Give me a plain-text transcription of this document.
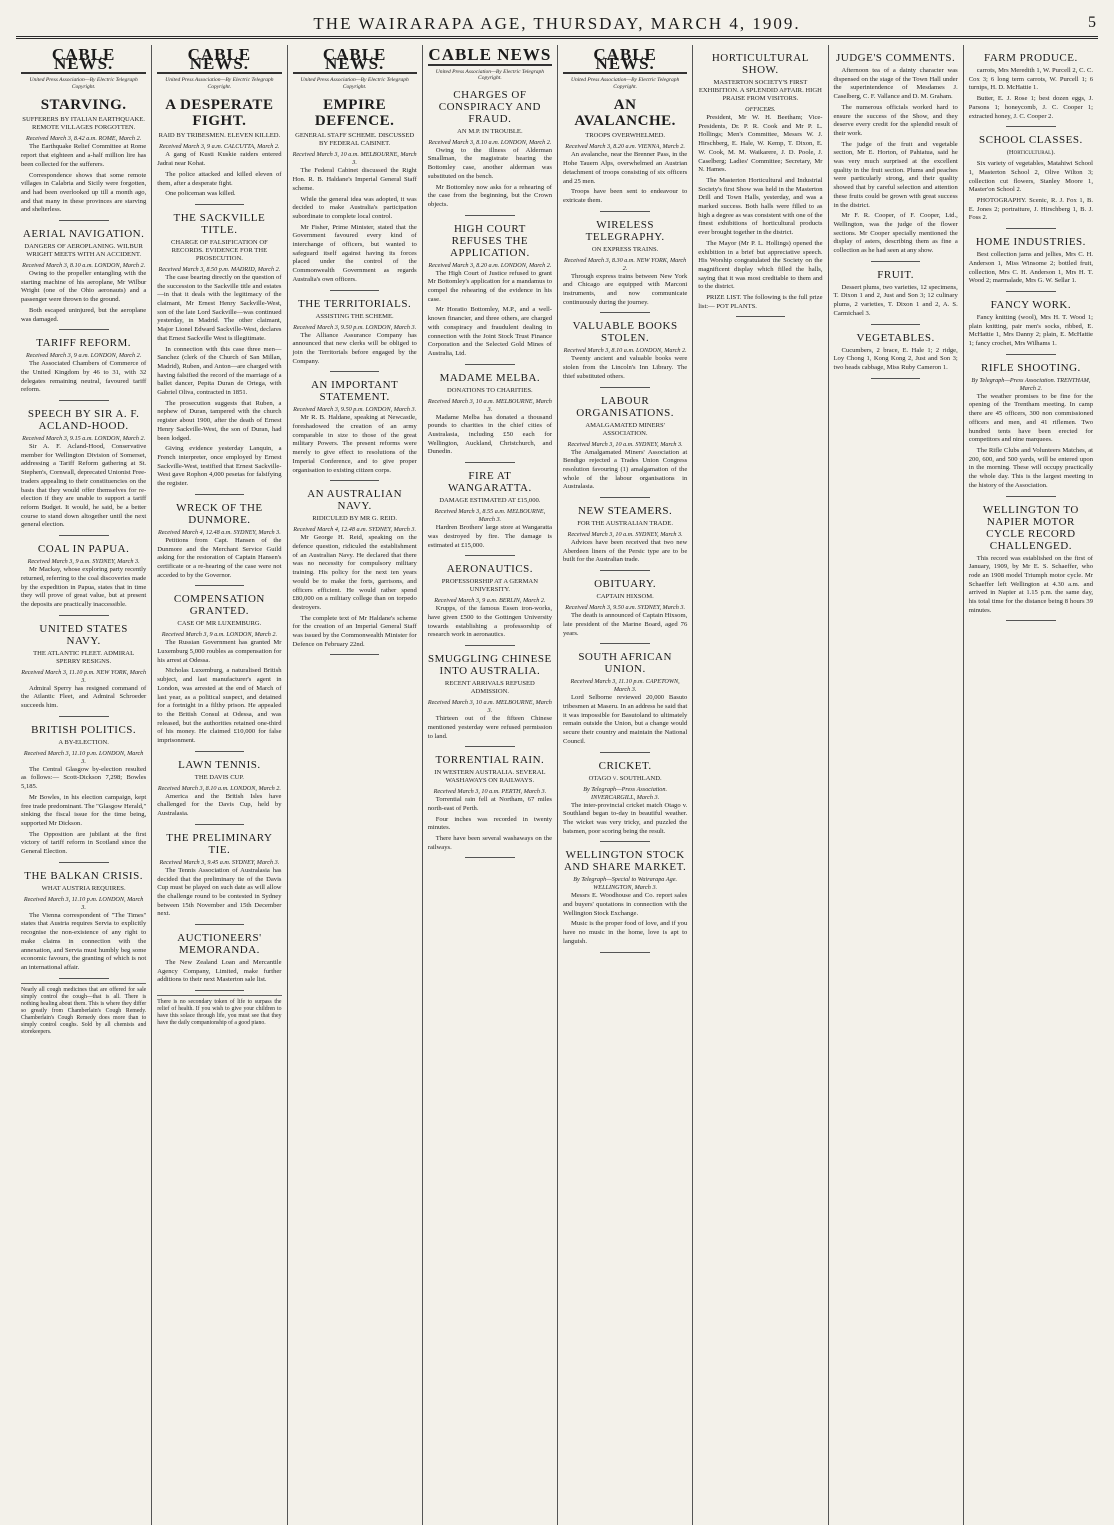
THE WAIRARAPA AGE, THURSDAY, MARCH 4, 1909.	5
CABLE NEWS.
United Press Association—By Electric Telegraph Copyright.
STARVING.
SUFFERERS BY ITALIAN EARTHQUAKE. REMOTE VILLAGES FORGOTTEN.
Received March 3, 8.42 a.m. ROME, March 2.

The Earthquake Relief Committee at Rome report that eighteen and a-half million lire has been collected for the sufferers.

Correspondence shows that some remote villages in Calabria and Sicily were forgotten, and had been overlooked up till a month ago, and that many in these provinces are starving and shelterless.

AERIAL NAVIGATION.
DANGERS OF AEROPLANING. WILBUR WRIGHT MEETS WITH AN ACCIDENT.
Received March 3, 8.10 a.m. LONDON, March 2.

Owing to the propeller entangling with the starting machine of his aeroplane, Mr Wilbur Wright (one of the Ohio aeronauts) and a passenger were thrown to the ground.

Both escaped uninjured, but the aeroplane was damaged.

TARIFF REFORM.
Received March 3, 9 a.m. LONDON, March 2.

The Associated Chambers of Commerce of the United Kingdom by 46 to 31, with 32 delegates remaining neutral, favoured tariff reform.

SPEECH BY SIR A. F. ACLAND-HOOD.
Received March 3, 9.15 a.m. LONDON, March 2.

Sir A. F. Acland-Hood, Conservative member for Wellington Division of Somerset, addressing a Tariff Reform gathering at St. Stephen's, Cornwall, deprecated Unionist Free-traders appealing to their constituencies on the basis that they would offer themselves for re-election if they are unable to support a tariff reform Budget. It would, he said, be a better course to stand down altogether until the next general election.

COAL IN PAPUA.
Received March 3, 9 a.m. SYDNEY, March 3.

Mr Mackay, whose exploring party recently returned, referring to the coal discoveries made by the expedition in Papua, states that in time they will prove of great value, but at present the deposits are practically inaccessible.

UNITED STATES NAVY.
THE ATLANTIC FLEET. ADMIRAL SPERRY RESIGNS.
Received March 3, 11.10 p.m. NEW YORK, March 3.

Admiral Sperry has resigned command of the Atlantic Fleet, and Admiral Schroeder succeeds him.

BRITISH POLITICS.
A BY-ELECTION.
Received March 3, 11.10 p.m. LONDON, March 3.

The Central Glasgow by-election resulted as follows:— Scott-Dickson 7,298; Bowles 5,185.

Mr Bowles, in his election campaign, kept free trade predominant. The "Glasgow Herald," sinking the fiscal issue for the time being, supported Mr Dickson.

The Opposition are jubilant at the first victory of tariff reform in Scotland since the General Election.

THE BALKAN CRISIS.
WHAT AUSTRIA REQUIRES.
Received March 3, 11.10 p.m. LONDON, March 3.

The Vienna correspondent of "The Times" states that Austria requires Servia to explicitly recognise the non-existence of any right to make claims in connection with the annexation, and Servia must humbly beg some economic favours, the granting of which is not an international affair.

Nearly all cough medicines that are offered for sale simply control the cough—that is all. There is nothing healing about them. This is where they differ so greatly from Chamberlain's Cough Remedy. Chamberlain's Cough Remedy does more than to simply control coughs. Sold by all chemists and storekeepers.
CABLE NEWS.
United Press Association—By Electric Telegraph Copyright.
A DESPERATE FIGHT.
RAID BY TRIBESMEN. ELEVEN KILLED.
Received March 3, 9 a.m. CALCUTTA, March 2.

A gang of Kusti Kuskie raiders entered Jadrai near Kohat.

The police attacked and killed eleven of them, after a desperate fight.

One policeman was killed.

THE SACKVILLE TITLE.
CHARGE OF FALSIFICATION OF RECORDS. EVIDENCE FOR THE PROSECUTION.
Received March 3, 8.50 p.m. MADRID, March 2.

The case bearing directly on the question of the succession to the Sackville title and estates—in that it deals with the legitimacy of the claimant, Mr Ernest Henry Sackville-West, son of the late Lord Sackville—was continued yesterday, in Madrid. The other claimant, Major Lionel Edward Sackville-West, declares that Ernest Sackville West is illegitimate.

In connection with this case three men—Sanchez (clerk of the Church of San Millan, Madrid), Ruben, and Anton—are charged with having falsified the record of the marriage of a ballet dancer, Pepita Duran de Ortega, with Gabriel Oliva, contracted in 1851.

The prosecution suggests that Ruben, a nephew of Duran, tampered with the church register about 1900, after the death of Ernest Henry Sackville-West, the son of Duran, had been lodged.

Giving evidence yesterday Lanquin, a French interpreter, once employed by Ernest Sackville-West, testified that Ernest Sackville-West gave Rophon 4,000 pesetas for falsifying the register.

WRECK OF THE DUNMORE.
Received March 4, 12.48 a.m. SYDNEY, March 3.

Petitions from Capt. Hansen of the Dunmore and the Merchant Service Guild asking for the restoration of Captain Hansen's certificate or a re-hearing of the case were not acceded to by the Governor.

COMPENSATION GRANTED.
CASE OF MR LUXEMBURG.
Received March 3, 9 a.m. LONDON, March 2.

The Russian Government has granted Mr Luxemburg 5,000 roubles as compensation for his arrest at Odessa.

Nicholas Luxemburg, a naturalised British subject, and last manufacturer's agent in London, was arrested at the end of March of last year, as a political suspect, and detained for a fortnight in a filthy prison. He appealed to the British Consul at Odessa, and was released, but the authorities retained one-third of his money. He claimed £10,000 for false imprisonment.

LAWN TENNIS.
THE DAVIS CUP.
Received March 3, 8.10 a.m. LONDON, March 2.

America and the British Isles have challenged for the Davis Cup, held by Australasia.

THE PRELIMINARY TIE.
Received March 3, 9.45 a.m. SYDNEY, March 3.

The Tennis Association of Australasia has decided that the preliminary tie of the Davis Cup must be played on such date as will allow the challenge round to be contested in Sydney between 15th November and 15th December next.

AUCTIONEERS' MEMORANDA.

The New Zealand Loan and Mercantile Agency Company, Limited, make further additions to their next Masterton sale list.

There is no secondary token of life to surpass the relief of health. If you wish to give your children to have this solace through life, you must see that they have the daily companionship of a good piano.
CABLE NEWS.
United Press Association—By Electric Telegraph Copyright.
EMPIRE DEFENCE.
GENERAL STAFF SCHEME. DISCUSSED BY FEDERAL CABINET.
Received March 3, 10 a.m. MELBOURNE, March 3.

The Federal Cabinet discussed the Right Hon. R. B. Haldane's Imperial General Staff scheme.

While the general idea was adopted, it was decided to make Australia's participation subordinate to complete local control.

Mr Fisher, Prime Minister, stated that the Government favoured every kind of interchange of officers, but wanted to safeguard itself against having its forces placed under the control of the Commonwealth Government as regards Australia's own officers.

THE TERRITORIALS.
ASSISTING THE SCHEME.
Received March 3, 9.50 p.m. LONDON, March 3.

The Alliance Assurance Company has announced that new clerks will be obliged to join the Territorials before engaged by the Company.

AN IMPORTANT STATEMENT.
Received March 3, 9.50 p.m. LONDON, March 3.

Mr R. B. Haldane, speaking at Newcastle, foreshadowed the creation of an army comparable in size to those of the great military Powers. The present reforms were merely to give effect to resolutions of the Imperial Conference, and to give proper organisation to existing citizen corps.

AN AUSTRALIAN NAVY.
RIDICULED BY MR G. REID.
Received March 4, 12.48 a.m. SYDNEY, March 3.

Mr George H. Reid, speaking on the defence question, ridiculed the establishment of an Australian Navy. He declared that there was no necessity for compulsory military training. His policy for the next ten years would be to make the forts, garrisons, and officers efficient. He would rather spend £80,000 on a military college than on torpedo destroyers.

The complete text of Mr Haldane's scheme for the creation of an Imperial General Staff was issued by the Commonwealth Minister for Defence on February 22nd.

CABLE NEWS
United Press Association—By Electric Telegraph Copyright.
CHARGES OF CONSPIRACY AND FRAUD.
AN M.P. IN TROUBLE.
Received March 3, 8.10 a.m. LONDON, March 2.

Owing to the illness of Alderman Smallman, the magistrate hearing the Bottomley case, another alderman was substituted on the bench.

Mr Bottomley now asks for a rehearing of the case from the beginning, but the Crown objects.

HIGH COURT REFUSES THE APPLICATION.
Received March 3, 8.20 a.m. LONDON, March 2.

The High Court of Justice refused to grant Mr Bottomley's application for a mandamus to compel the rehearing of the evidence in his case.

Mr Horatio Bottomley, M.P., and a well-known financier, and three others, are charged with conspiracy and fraudulent dealing in connection with the Joint Stock Trust Finance Corporation and the Selected Gold Mines of Australia, Ltd.

MADAME MELBA.
DONATIONS TO CHARITIES.
Received March 3, 10 a.m. MELBOURNE, March 3.

Madame Melba has donated a thousand pounds to charities in the chief cities of Australasia, including £50 each for Wellington, Auckland, Christchurch, and Dunedin.

FIRE AT WANGARATTA.
DAMAGE ESTIMATED AT £15,000.
Received March 3, 8.55 a.m. MELBOURNE, March 3.

Hardren Brothers' large store at Wangaratta was destroyed by fire. The damage is estimated at £15,000.

AERONAUTICS.
PROFESSORSHIP AT A GERMAN UNIVERSITY.
Received March 3, 9 a.m. BERLIN, March 2.

Krupps, of the famous Essen iron-works, have given £500 to the Gottingen University towards establishing a professorship of research work in aeronautics.

SMUGGLING CHINESE INTO AUSTRALIA.
RECENT ARRIVALS REFUSED ADMISSION.
Received March 3, 10 a.m. MELBOURNE, March 3.

Thirteen out of the fifteen Chinese mentioned yesterday were refused permission to land.

TORRENTIAL RAIN.
IN WESTERN AUSTRALIA. SEVERAL WASHAWAYS ON RAILWAYS.
Received March 3, 10 a.m. PERTH, March 3.

Torrential rain fell at Northam, 67 miles north-east of Perth.

Four inches was recorded in twenty minutes.

There have been several washaways on the railways.

CABLE NEWS.
United Press Association—By Electric Telegraph Copyright.
AN AVALANCHE.
TROOPS OVERWHELMED.
Received March 3, 8.20 a.m. VIENNA, March 2.

An avalanche, near the Brenner Pass, in the Hohe Tauern Alps, overwhelmed an Austrian detachment of troops consisting of six officers and 25 men.

Troops have been sent to endeavour to extricate them.

WIRELESS TELEGRAPHY.
ON EXPRESS TRAINS.
Received March 3, 8.30 a.m. NEW YORK, March 2.

Through express trains between New York and Chicago are equipped with Marconi instruments, and now communicate continuously during the journey.

VALUABLE BOOKS STOLEN.
Received March 3, 8.10 a.m. LONDON, March 2.

Twenty ancient and valuable books were stolen from the Lincoln's Inn Library. The thief substituted others.

LABOUR ORGANISATIONS.
AMALGAMATED MINERS' ASSOCIATION.
Received March 3, 10 a.m. SYDNEY, March 3.

The Amalgamated Miners' Association at Bendigo rejected a Trades Union Congress resolution favouring (1) amalgamation of the whole of the labour organisations in Australasia.

NEW STEAMERS.
FOR THE AUSTRALIAN TRADE.
Received March 3, 10 a.m. SYDNEY, March 3.

Advices have been received that two new Aberdeen liners of the Persic type are to be built for the Australian trade.

OBITUARY.
CAPTAIN HIXSOM.
Received March 3, 9.50 a.m. SYDNEY, March 3.

The death is announced of Captain Hixsom, late president of the Marine Board, aged 76 years.

SOUTH AFRICAN UNION.
Received March 3, 11.10 p.m. CAPETOWN, March 3.

Lord Selborne reviewed 20,000 Basuto tribesmen at Maseru. In an address he said that it was impossible for Basutoland to ultimately remain outside the Union, but a change would secure their country and maintain the National Council.

CRICKET.
OTAGO v. SOUTHLAND.
By Telegraph—Press Association. INVERCARGILL, March 3.

The inter-provincial cricket match Otago v. Southland began to-day in beautiful weather. The wicket was very tricky, and puzzled the batsmen, poor scoring being the result.

WELLINGTON STOCK AND SHARE MARKET.
By Telegraph—Special to Wairarapa Age. WELLINGTON, March 3.

Messrs E. Woodhouse and Co. report sales and buyers' quotations in connection with the Wellington Stock Exchange.

Music is the proper food of love, and if you have no music in the home, love is apt to languish.

HORTICULTURAL SHOW.
MASTERTON SOCIETY'S FIRST EXHIBITION. A SPLENDID AFFAIR. HIGH PRAISE FROM VISITORS.
OFFICERS.

President, Mr W. H. Beetham; Vice-Presidents, Dr. P. R. Cook and Mr P. L. Hollings; Men's Committee, Messrs W. J. Hirschberg, E. Hale, W. Kemp, T. Dixon, E. W. Cook, M. M. Waikarere, J. D. Poole, J. Caselberg; Ladies' Committee; Secretary, Mr N. Hames.

The Masterton Horticultural and Industrial Society's first Show was held in the Masterton Drill and Town Halls, yesterday, and was a marked success. Both halls were filled to as high a degree as was consistent with one of the finest exhibitions of horticultural products ever brought together in the district.

The Mayor (Mr P. L. Hollings) opened the exhibition in a brief but appreciative speech. His Worship congratulated the Society on the magnificent display which filled the halls, saying that it was most creditable to them and to the district.

PRIZE LIST. The following is the full prize list:— POT PLANTS.

JUDGE'S COMMENTS.

Afternoon tea of a dainty character was dispensed on the stage of the Town Hall under the superintendence of Mesdames J. Caselberg, C. F. Vallance and D. M. Graham.

The numerous officials worked hard to ensure the success of the Show, and they deserve every credit for the splendid result of their work.

The judge of the fruit and vegetable section, Mr E. Horton, of Pahiatua, said he was very much surprised at the excellent quality in the fruit section. Plums and peaches were particularly strong, and their quality showed that by careful selection and attention these fruits could be grown with great success in the district.

Mr F. R. Cooper, of F. Cooper, Ltd., Wellington, was the judge of the flower sections. Mr Cooper specially mentioned the display of asters, describing them as fine a collection as he had seen at any show.

FRUIT.

Dessert plums, two varieties, 12 specimens, T. Dixon 1 and 2, Just and Son 3; 12 culinary plums, 2 varieties, T. Dixon 1 and 2, A. S. Carmichael 3.

VEGETABLES.

Cucumbers, 2 brace, E. Hale 1; 2 ridge, Loy Chong 1, Kong Kong 2, Just and Son 3; two heads cabbage, Miss Ruby Cameron 1.

FARM PRODUCE.

carrots, Mrs Meredith 1, W. Purcell 2, C. C. Cox 3; 6 long term carrots, W. Purcell 1; 6 turnips, H. D. McHattie 1.

Butter, E. J. Rose 1; best dozen eggs, J. Parsons 1; honeycomb, J. C. Cooper 1; extracted honey, J. C. Cooper 2.

SCHOOL CLASSES.
(Horticultural).

Six variety of vegetables, Matahiwi School 1, Masterton School 2, Olive Wilton 3; collection cut flowers, Stanley Moore 1, Master'on School 2.

PHOTOGRAPHY. Scenic, R. J. Fox 1, B. E. Jones 2; portraiture, J. Hirschberg 1, B. J. Foss 2.

HOME INDUSTRIES.

Best collection jams and jellies, Mrs C. H. Anderson 1, Miss Winsome 2; bottled fruit, collection, Mrs C. H. Anderson 1, Mrs H. T. Wood 2; marmalade, Mrs G. W. Sellar 1.

FANCY WORK.

Fancy knitting (wool), Mrs H. T. Wood 1; plain knitting, pair men's socks, ribbed, E. McHattie 1, Mrs Danny 2; plain, E. McHattie 1; fancy crochet, Mrs Wilhams 1.

RIFLE SHOOTING.
By Telegraph—Press Association. TRENTHAM, March 2.

The weather promises to be fine for the opening of the Trentham meeting. In camp there are 45 officers, 300 non commissioned officers and men, and 41 riflemen. Two hundred tents have been erected for competitors and nine marquees.

The Rifle Clubs and Volunteers Matches, at 200, 600, and 500 yards, will be entered upon in the morning. These will occupy practically the whole day. This is the largest meeting in the history of the Association.

WELLINGTON TO NAPIER MOTOR CYCLE RECORD CHALLENGED.

This record was established on the first of January, 1909, by Mr E. S. Schaeffer, who rode an 1908 model Triumph motor cycle. Mr Schaeffer left Wellington at 4.30 a.m. and arrived in Napier at 1.15 p.m. the same day, his total time for the distance being 8 hours 39 minutes.
